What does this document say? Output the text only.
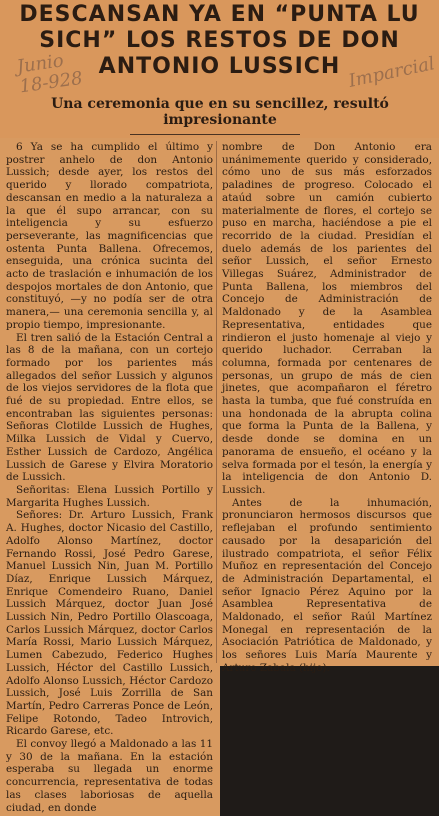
DESCANSAN YA EN “PUNTA LU
SICH” LOS RESTOS DE DON
ANTONIO LUSSICH
Junio 18-928	Imparcial
Una ceremonia que en su sencillez, resultó impresionante

6 Ya se ha cumplido el último y postrer anhelo de don Antonio Lussich; desde ayer, los restos del querido y llorado compatriota, descansan en medio a la naturaleza a la que él supo arrancar, con su inteligencia y su esfuerzo perseverante, las magnificencias que ostenta Punta Ballena. Ofrecemos, enseguida, una crónica sucinta del acto de traslación e inhumación de los despojos mortales de don Antonio, que constituyó, —y no podía ser de otra manera,— una ceremonia sencilla y, al propio tiempo, impresionante.

El tren salió de la Estación Central a las 8 de la mañana, con un cortejo formado por los parientes más allegados del señor Lussich y algunos de los viejos servidores de la flota que fué de su propiedad. Entre ellos, se encontraban las siguientes personas: Señoras Clotilde Lussich de Hughes, Milka Lussich de Vidal y Cuervo, Esther Lussich de Cardozo, Angélica Lussich de Garese y Elvira Moratorio de Lussich.

Señoritas: Elena Lussich Portillo y Margarita Hughes Lussich.

Señores: Dr. Arturo Lussich, Frank A. Hughes, doctor Nicasio del Castillo, Adolfo Alonso Martínez, doctor Fernando Rossi, José Pedro Garese, Manuel Lussich Nin, Juan M. Portillo Díaz, Enrique Lussich Márquez, Enrique Comendeiro Ruano, Daniel Lussich Márquez, doctor Juan José Lussich Nin, Pedro Portillo Olascoaga, Carlos Lussich Márquez, doctor Carlos María Rossi, Mario Lussich Márquez, Lumen Cabezudo, Federico Hughes Lussich, Héctor del Castillo Lussich, Adolfo Alonso Lussich, Héctor Cardozo Lussich, José Luis Zorrilla de San Martín, Pedro Carreras Ponce de León, Felipe Rotondo, Tadeo Introvich, Ricardo Garese, etc.

El convoy llegó a Maldonado a las 11 y 30 de la mañana. En la estación esperaba su llegada un enorme concurrencia, representativa de todas las clases laboriosas de aquella ciudad, en donde

nombre de Don Antonio era unánimemente querido y considerado, cómo uno de sus más esforzados paladines de progreso. Colocado el ataúd sobre un camión cubierto materialmente de flores, el cortejo se puso en marcha, haciéndose a pie el recorrido de la ciudad. Presidían el duelo además de los parientes del señor Lussich, el señor Ernesto Villegas Suárez, Administrador de Punta Ballena, los miembros del Concejo de Administración de Maldonado y de la Asamblea Representativa, entidades que rindieron el justo homenaje al viejo y querido luchador. Cerraban la columna, formada por centenares de personas, un grupo de más de cien jinetes, que acompañaron el féretro hasta la tumba, que fué construída en una hondonada de la abrupta colina que forma la Punta de la Ballena, y desde donde se domina en un panorama de ensueño, el océano y la selva formada por el tesón, la energía y la inteligencia de don Antonio D. Lussich.

Antes de la inhumación, pronunciaron hermosos discursos que reflejaban el profundo sentimiento causado por la desaparición del ilustrado compatriota, el señor Félix Muñoz en representación del Concejo de Administración Departamental, el señor Ignacio Pérez Aquino por la Asamblea Representativa de Maldonado, el señor Raúl Martínez Monegal en representación de la Asociación Patriótica de Maldonado, y los señores Luis María Maurente y Arturo Zabala (hijo).
